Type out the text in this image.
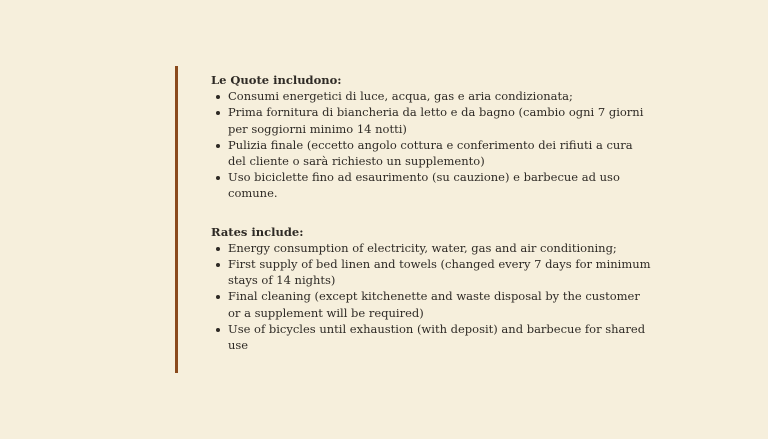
Le Quote includono:

Consumi energetici di luce, acqua, gas e aria condizionata;
Prima fornitura di biancheria da letto e da bagno (cambio ogni 7 giorni per soggiorni minimo 14 notti)
Pulizia finale (eccetto angolo cottura e conferimento dei rifiuti a cura del cliente o sarà richiesto un supplemento)
Uso biciclette fino ad esaurimento (su cauzione) e barbecue ad uso comune.

Rates include:

Energy consumption of electricity, water, gas and air conditioning;
First supply of bed linen and towels (changed every 7 days for minimum stays of 14 nights)
Final cleaning (except kitchenette and waste disposal by the customer or a supplement will be required)
Use of bicycles until exhaustion (with deposit) and barbecue for shared use
